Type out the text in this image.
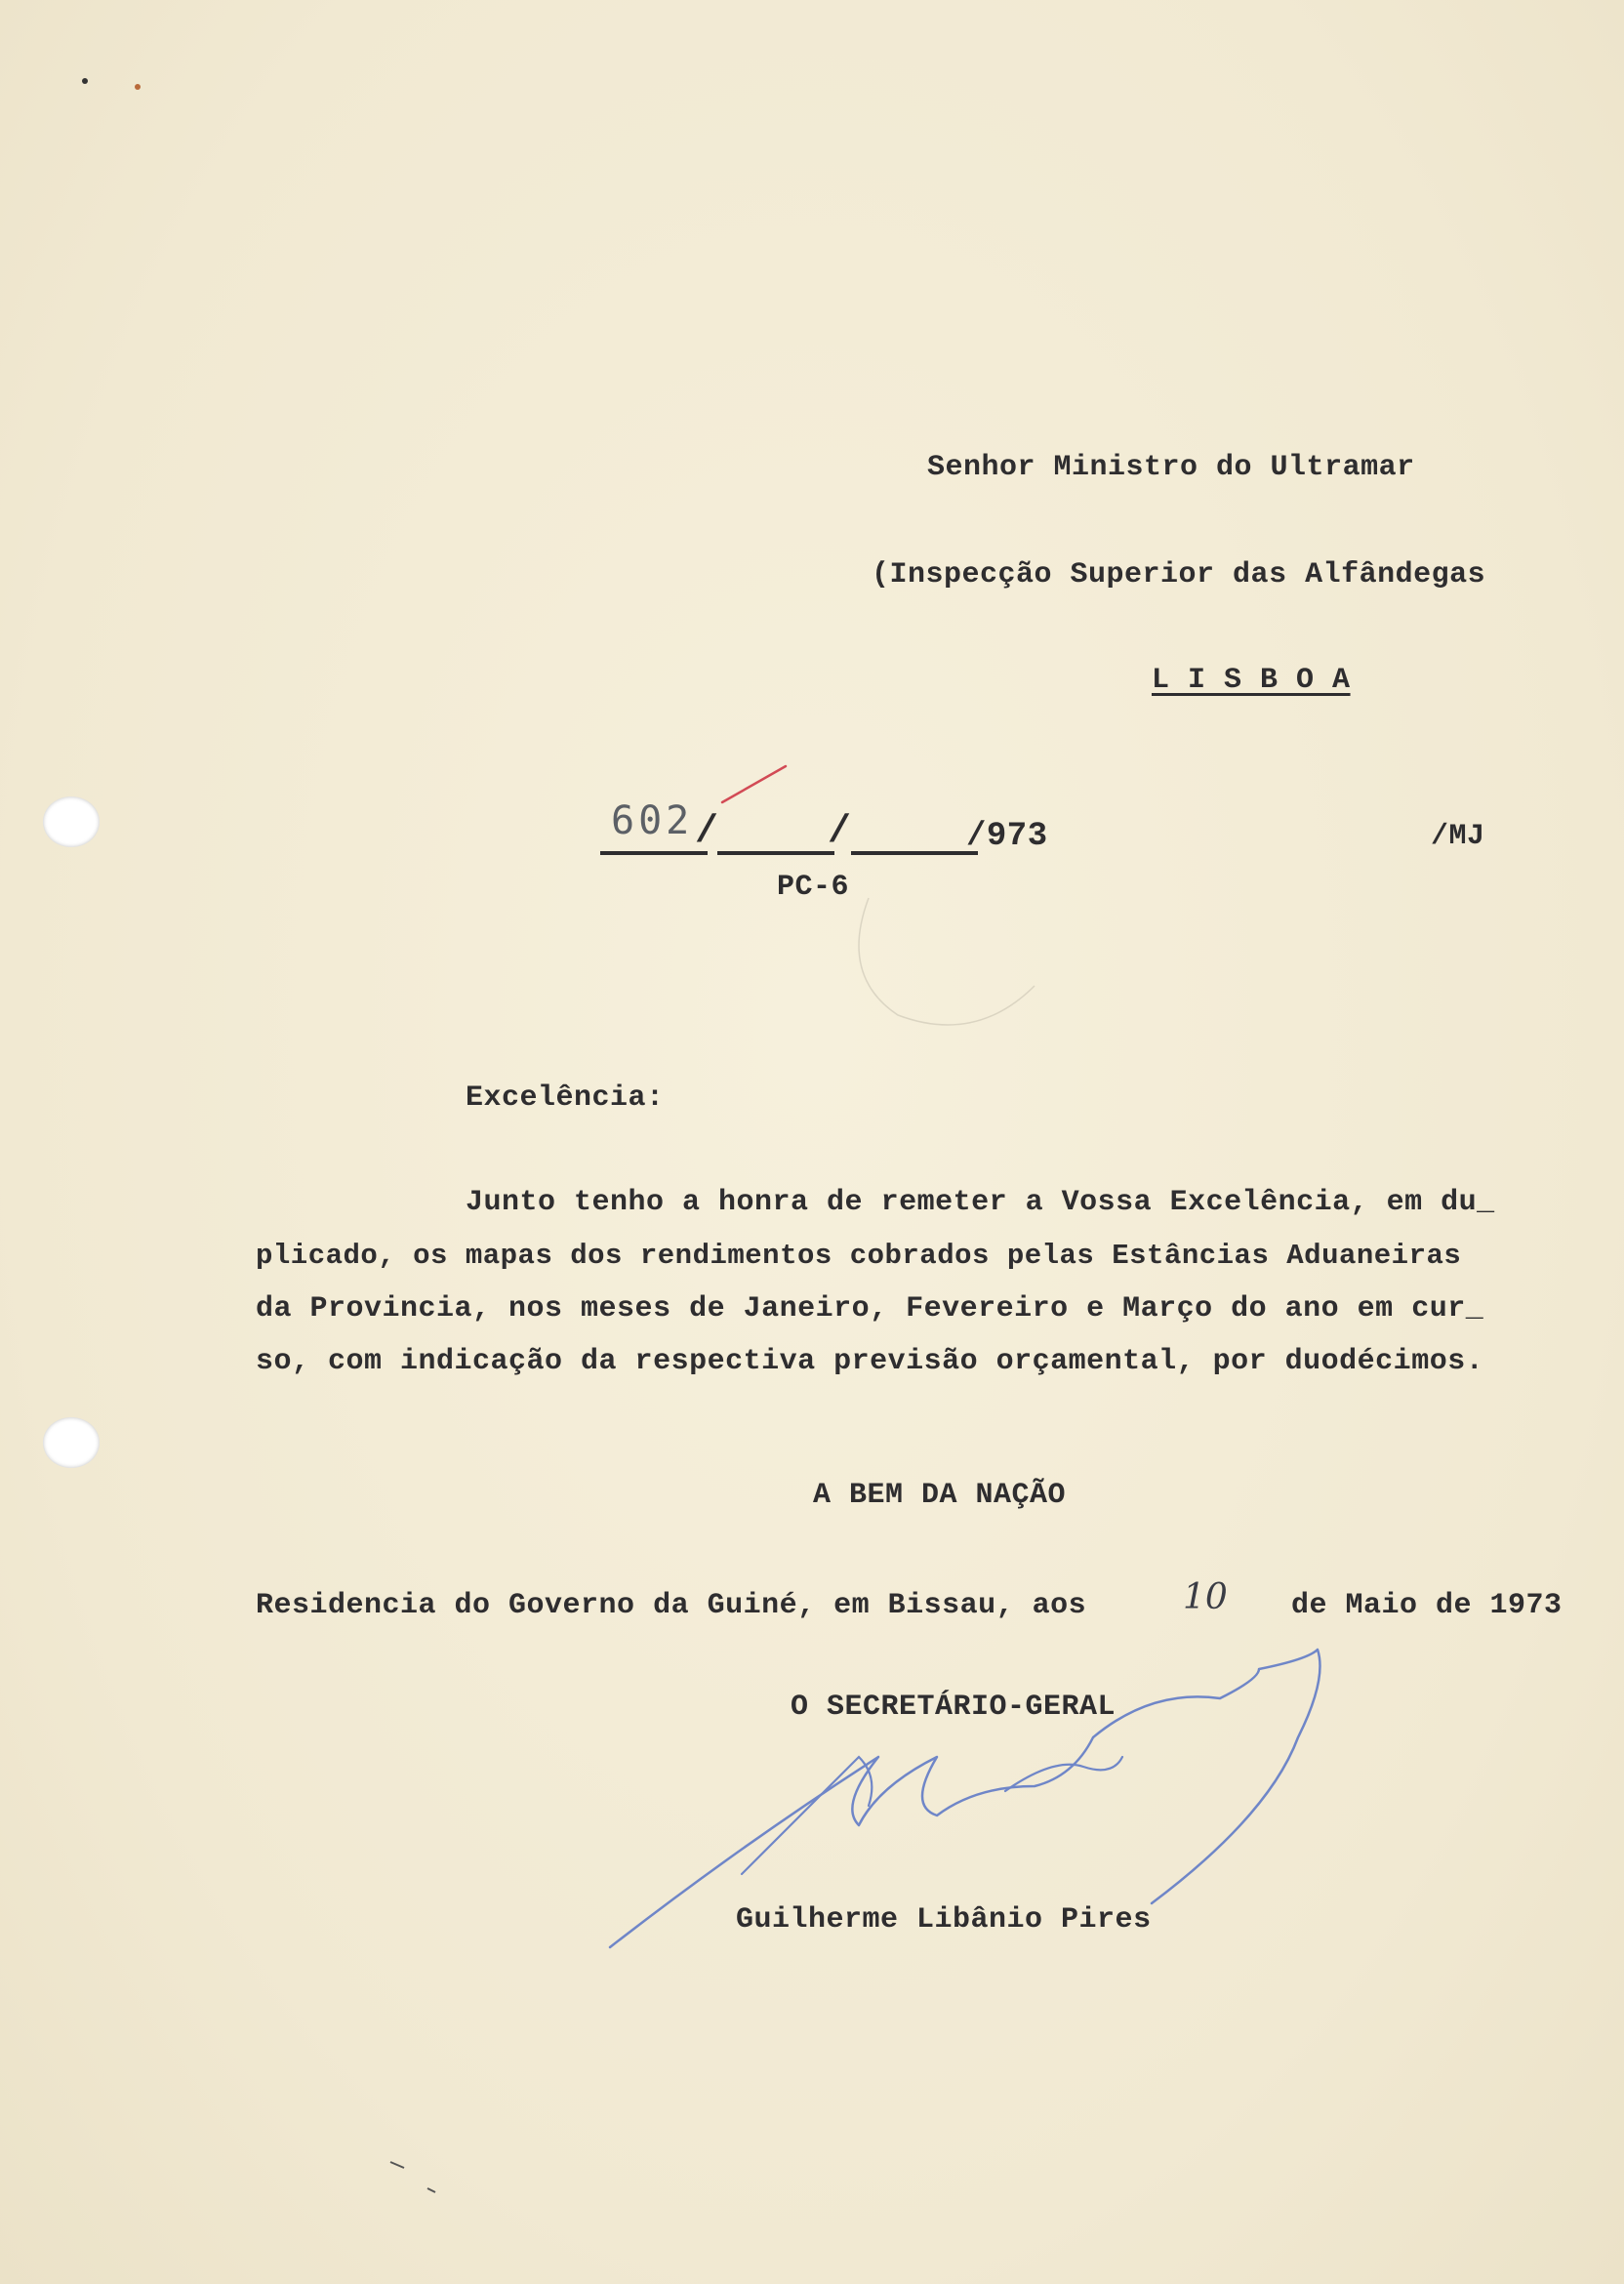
Senhor Ministro do Ultramar
(Inspecção Superior das Alfândegas
L I S B O A
602 /	/	/973
PC-6
/MJ
Excelência:
Junto tenho a honra de remeter a Vossa Excelência, em du_
plicado, os mapas dos rendimentos cobrados pelas Estâncias Aduaneiras
da Provincia, nos meses de Janeiro, Fevereiro e Março do ano em cur_
so, com indicação da respectiva previsão orçamental, por duodécimos.
A BEM DA NAÇÃO
Residencia do Governo da Guiné, em Bissau, aos	10 de Maio de 1973
O SECRETÁRIO-GERAL
Guilherme Libânio Pires
